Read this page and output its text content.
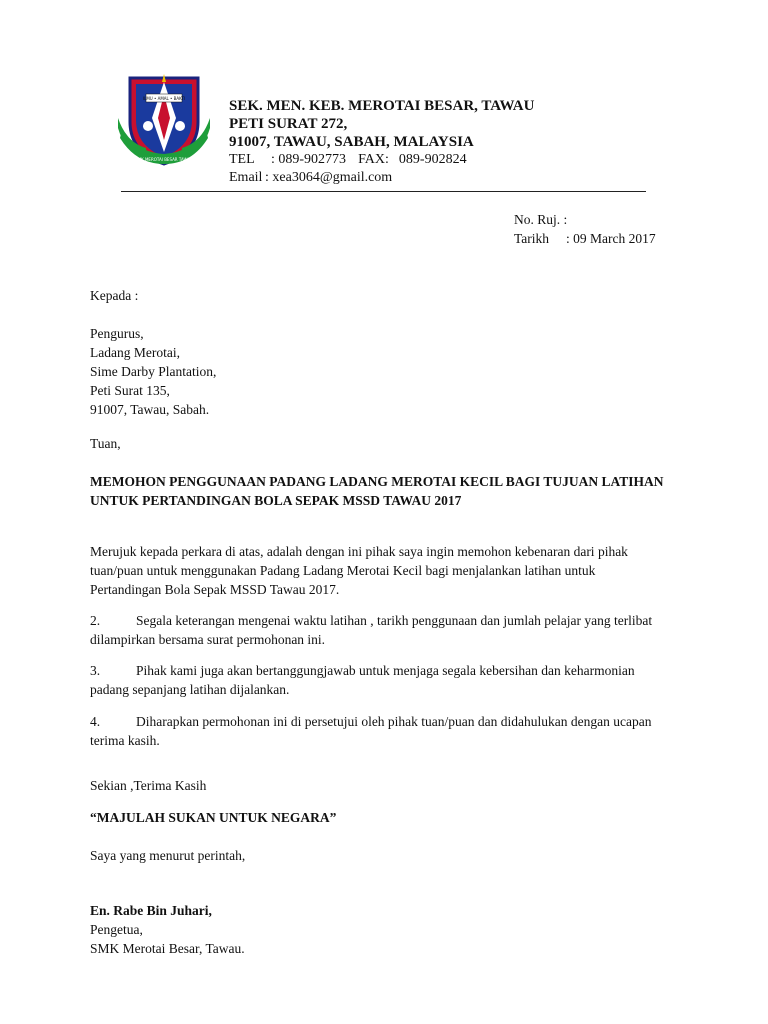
ILMU • AMAL • BAKTI
SMK MEROTAI BESAR TAWAU
SEK. MEN. KEB. MEROTAI BESAR, TAWAU
PETI SURAT 272,
91007, TAWAU, SABAH, MALAYSIA
TEL : 089-902773 FAX: 089-902824
Email : xea3064@gmail.com
No. Ruj. :
Tarikh : 09 March 2017
Kepada :
Pengurus,
Ladang Merotai,
Sime Darby Plantation,
Peti Surat 135,
91007, Tawau, Sabah.
Tuan,
MEMOHON PENGGUNAAN PADANG LADANG MEROTAI KECIL BAGI TUJUAN LATIHAN
UNTUK PERTANDINGAN BOLA SEPAK MSSD TAWAU 2017
Merujuk kepada perkara di atas, adalah dengan ini pihak saya ingin memohon kebenaran dari pihak
tuan/puan untuk menggunakan Padang Ladang Merotai Kecil bagi menjalankan latihan untuk
Pertandingan Bola Sepak MSSD Tawau 2017.
2.	Segala keterangan mengenai waktu latihan , tarikh penggunaan dan jumlah pelajar yang terlibat
dilampirkan bersama surat permohonan ini.
3.	Pihak kami juga akan bertanggungjawab untuk menjaga segala kebersihan dan keharmonian
padang sepanjang latihan dijalankan.
4.	Diharapkan permohonan ini di persetujui oleh pihak tuan/puan dan didahulukan dengan ucapan
terima kasih.
Sekian ,Terima Kasih
“MAJULAH SUKAN UNTUK NEGARA”
Saya yang menurut perintah,
En. Rabe Bin Juhari,
Pengetua,
SMK Merotai Besar, Tawau.
